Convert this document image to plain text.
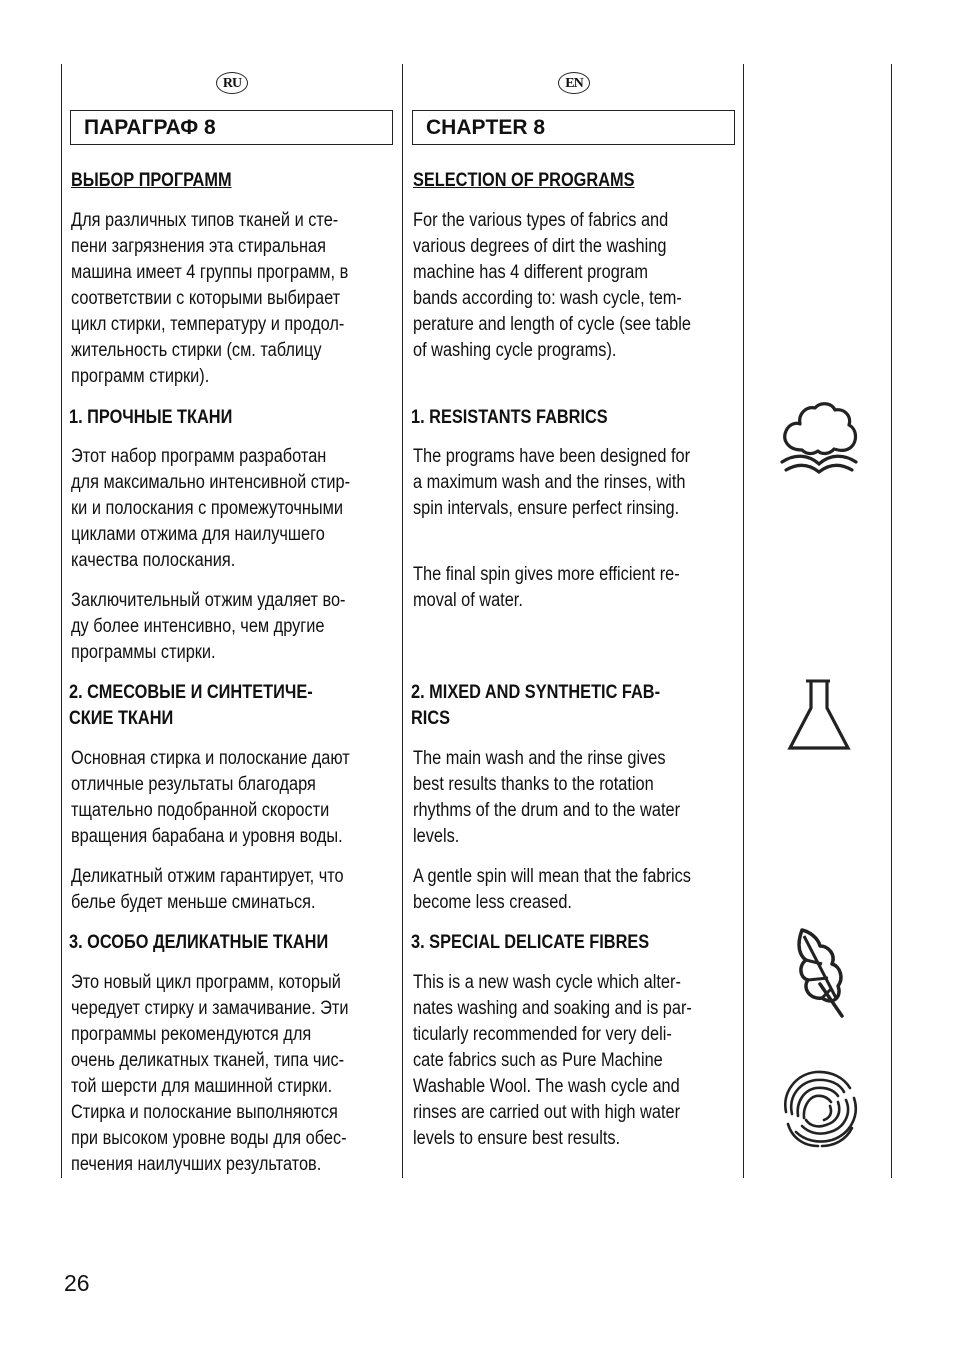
RU
ПАРАГРАФ 8
ВЫБОР ПРОГРАММ
Для различных типов тканей и сте-
пени загрязнения эта стиральная
машина имеет 4 группы программ, в
соответствии с которыми выбирает
цикл стирки, температуру и продол-
жительность стирки (см. таблицу
программ стирки).
1. ПРОЧНЫЕ ТКАНИ
Этот набор программ разработан
для максимально интенсивной стир-
ки и полоскания с промежуточными
циклами отжима для наилучшего
качества полоскания.
Заключительный отжим удаляет во-
ду более интенсивно, чем другие
программы стирки.
2. СМЕСОВЫЕ И СИНТЕТИЧЕ-
СКИЕ ТКАНИ
Основная стирка и полоскание дают
отличные результаты благодаря
тщательно подобранной скорости
вращения барабана и уровня воды.
Деликатный отжим гарантирует, что
белье будет меньше сминаться.
3. ОСОБО ДЕЛИКАТНЫЕ ТКАНИ
Это новый цикл программ, который
чередует стирку и замачивание. Эти
программы рекомендуются для
очень деликатных тканей, типа чис-
той шерсти для машинной стирки.
Стирка и полоскание выполняются
при высоком уровне воды для обес-
печения наилучших результатов.
EN
CHAPTER 8
SELECTION OF PROGRAMS
For the various types of fabrics and
various degrees of dirt the washing
machine has 4 different program
bands according to: wash cycle, tem-
perature and length of cycle (see table
of washing cycle programs).
1. RESISTANTS FABRICS
The programs have been designed for
a maximum wash and the rinses, with
spin intervals, ensure perfect rinsing.
The final spin gives more efficient re-
moval of water.
2. MIXED AND SYNTHETIC FAB-
RICS
The main wash and the rinse gives
best results thanks to the rotation
rhythms of the drum and to the water
levels.
A gentle spin will mean that the fabrics
become less creased.
3. SPECIAL DELICATE FIBRES
This is a new wash cycle which alter-
nates washing and soaking and is par-
ticularly recommended for very deli-
cate fabrics such as Pure Machine
Washable Wool. The wash cycle and
rinses are carried out with high water
levels to ensure best results.
26
